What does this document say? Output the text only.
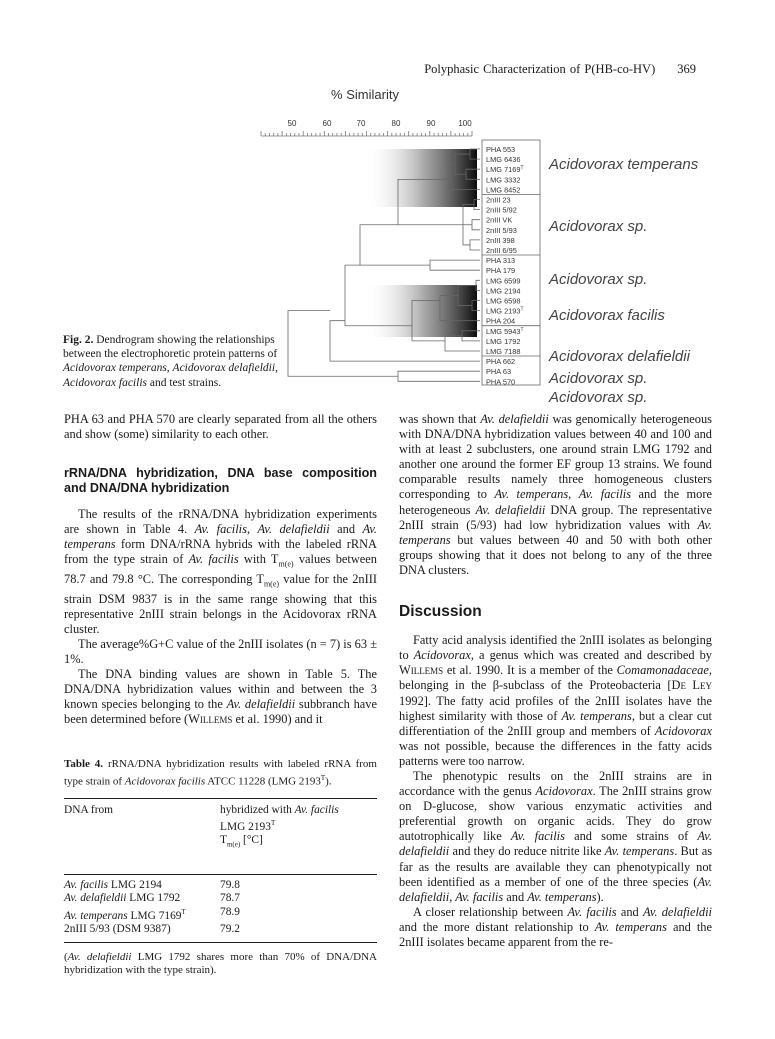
Polyphasic Characterization of P(HB-co-HV) 369
% Similarity
50	60	70	80	90	100
PHA 553
LMG 6436
LMG $7169^T$
LMG 3332
LMG 8452
2nIII 23
2nIII 5/92
2nIII VK
2nIII 5/93
2nIII 398
2nIII 6/95
PHA 313
PHA 179
LMG 6599
LMG 2194
LMG 6598
LMG $2193^T$
PHA 204
LMG $5943^T$
LMG 1792
LMG 7188
PHA 662
PHA 63
PHA 570
Acidovorax temperans
Acidovorax sp.
Acidovorax sp.
Acidovorax facilis
Acidovorax delafieldii
Acidovorax sp.
Acidovorax sp.
Fig. 2. Dendrogram showing the relationships between the electrophoretic protein patterns of Acidovorax temperans, Acidovorax delafieldii, Acidovorax facilis and test strains.

PHA 63 and PHA 570 are clearly separated from all the others and show (some) similarity to each other.

rRNA/DNA hybridization, DNA base composition and DNA/DNA hybridization

The results of the rRNA/DNA hybridization experiments are shown in Table 4. Av. facilis, Av. delafieldii and Av. temperans form DNA/rRNA hybrids with the labeled rRNA from the type strain of Av. facilis with $T_{m(e)}$ values between 78.7 and 79.8 °C. The corresponding $T_{m(e)}$ value for the 2nIII strain DSM 9837 is in the same range showing that this representative 2nIII strain belongs in the Acidovorax rRNA cluster.

The average%G+C value of the 2nIII isolates (n = 7) is 63 ± 1%.

The DNA binding values are shown in Table 5. The DNA/DNA hybridization values within and between the 3 known species belonging to the Av. delafieldii subbranch have been determined before (Willems et al. 1990) and it

Table 4. rRNA/DNA hybridization results with labeled rRNA from type strain of Acidovorax facilis ATCC 11228 (LMG $2193^T$).
DNA from	hybridized with Av. facilis
LMG $2193^T$
$T_{m(e)}$ [°C]

Av. facilis LMG 2194	79.8
Av. delafieldii LMG 1792	78.7
Av. temperans LMG $7169^T$	78.9
2nIII 5/93 (DSM 9387)	79.2

(Av. delafieldii LMG 1792 shares more than 70% of DNA/DNA hybridization with the type strain).

was shown that Av. delafieldii was genomically heterogeneous with DNA/DNA hybridization values between 40 and 100 and with at least 2 subclusters, one around strain LMG 1792 and another one around the former EF group 13 strains. We found comparable results namely three homogeneous clusters corresponding to Av. temperans, Av. facilis and the more heterogeneous Av. delafieldii DNA group. The representative 2nIII strain (5/93) had low hybridization values with Av. temperans but values between 40 and 50 with both other groups showing that it does not belong to any of the three DNA clusters.

Discussion

Fatty acid analysis identified the 2nIII isolates as belonging to Acidovorax, a genus which was created and described by Willems et al. 1990. It is a member of the Comamonadaceae, belonging in the β-subclass of the Proteobacteria [De Ley 1992]. The fatty acid profiles of the 2nIII isolates have the highest similarity with those of Av. temperans, but a clear cut differentiation of the 2nIII group and members of Acidovorax was not possible, because the differences in the fatty acids patterns were too narrow.

The phenotypic results on the 2nIII strains are in accordance with the genus Acidovorax. The 2nIII strains grow on D-glucose, show various enzymatic activities and preferential growth on organic acids. They do grow autotrophically like Av. facilis and some strains of Av. delafieldii and they do reduce nitrite like Av. temperans. But as far as the results are available they can phenotypically not been identified as a member of one of the three species (Av. delafieldii, Av. facilis and Av. temperans).

A closer relationship between Av. facilis and Av. delafieldii and the more distant relationship to Av. temperans and the 2nIII isolates became apparent from the re-
